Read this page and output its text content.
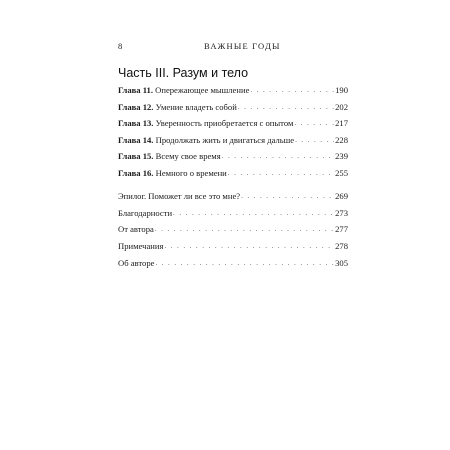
8	ВАЖНЫЕ ГОДЫ
Часть III. Разум и тело
Глава 11. Опережающее мышление . . .	190
Глава 12. Умение владеть собой . . .	202
Глава 13. Уверенность приобретается с опытом . . .	217
Глава 14. Продолжать жить и двигаться дальше . . .	228
Глава 15. Всему свое время . . .	239
Глава 16. Немного о времени . . .	255
Эпилог. Поможет ли все это мне? . . .	269
Благодарности . . .	273
От автора . . .	277
Примечания . . .	278
Об авторе . . .	305
